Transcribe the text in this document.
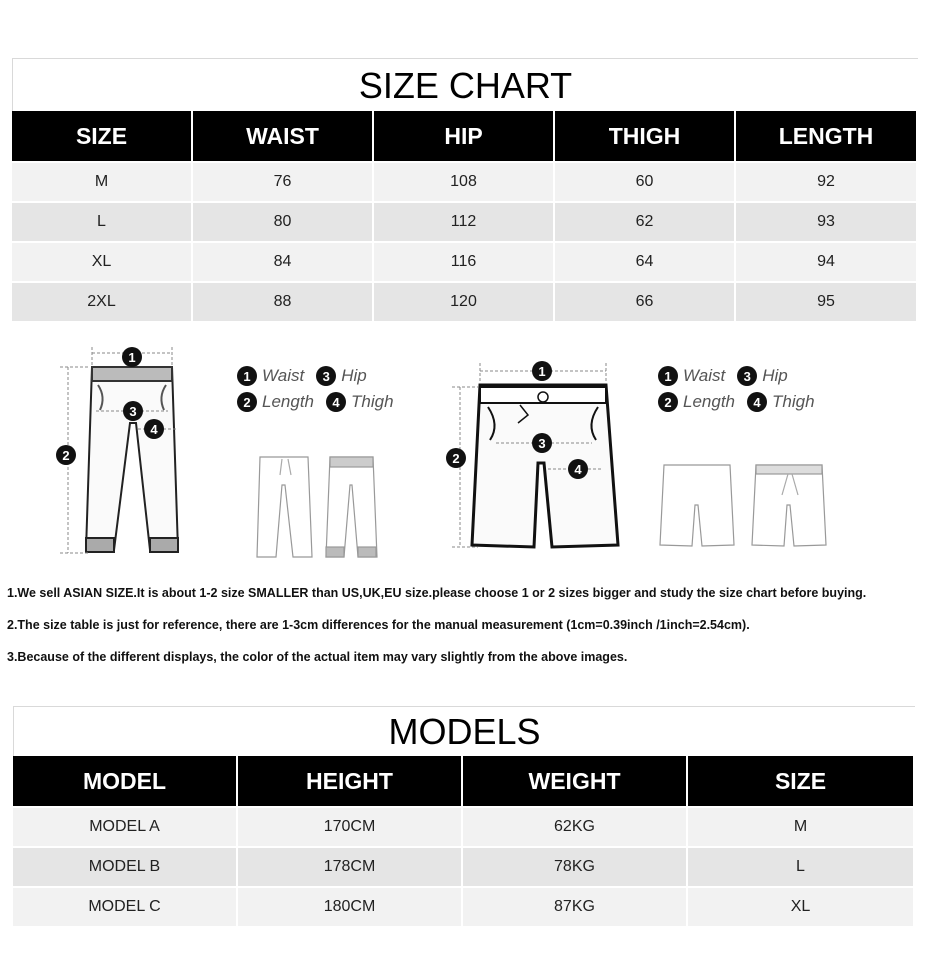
SIZE CHART
SIZE	WAIST	HIP	THIGH	LENGTH
M	76	108	60	92
L	80	112	62	93
XL	84	116	64	94
2XL	88	120	66	95
1
2
3
4
1
2
3
4
1 Waist	3 Hip
2 Length	4 Thigh
1 Waist	3 Hip
2 Length	4 Thigh

1.We sell ASIAN SIZE.It is about 1-2 size SMALLER than US,UK,EU size.please choose 1 or 2 sizes bigger and study the size chart before buying.

2.The size table is just for reference, there are 1-3cm differences for the manual measurement (1cm=0.39inch /1inch=2.54cm).

3.Because of the different displays, the color of the actual item may vary slightly from the above images.

MODELS
MODEL	HEIGHT	WEIGHT	SIZE
MODEL A	170CM	62KG	M
MODEL B	178CM	78KG	L
MODEL C	180CM	87KG	XL
